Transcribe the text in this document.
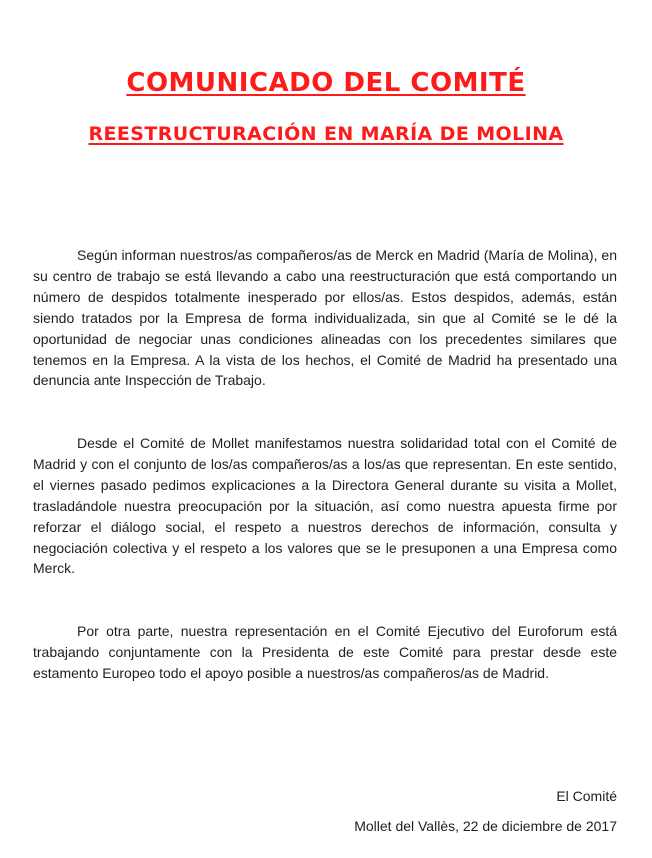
COMUNICADO DEL COMITÉ
REESTRUCTURACIÓN EN MARÍA DE MOLINA

Según informan nuestros/as compañeros/as de Merck en Madrid (María de Molina), en su centro de trabajo se está llevando a cabo una reestructuración que está comportando un número de despidos totalmente inesperado por ellos/as. Estos despidos, además, están siendo tratados por la Empresa de forma individualizada, sin que al Comité se le dé la oportunidad de negociar unas condiciones alineadas con los precedentes similares que tenemos en la Empresa. A la vista de los hechos, el Comité de Madrid ha presentado una denuncia ante Inspección de Trabajo.

Desde el Comité de Mollet manifestamos nuestra solidaridad total con el Comité de Madrid y con el conjunto de los/as compañeros/as a los/as que representan. En este sentido, el viernes pasado pedimos explicaciones a la Directora General durante su visita a Mollet, trasladándole nuestra preocupación por la situación, así como nuestra apuesta firme por reforzar el diálogo social, el respeto a nuestros derechos de información, consulta y negociación colectiva y el respeto a los valores que se le presuponen a una Empresa como Merck.

Por otra parte, nuestra representación en el Comité Ejecutivo del Euroforum está trabajando conjuntamente con la Presidenta de este Comité para prestar desde este estamento Europeo todo el apoyo posible a nuestros/as compañeros/as de Madrid.

El Comité

Mollet del Vallès, 22 de diciembre de 2017
